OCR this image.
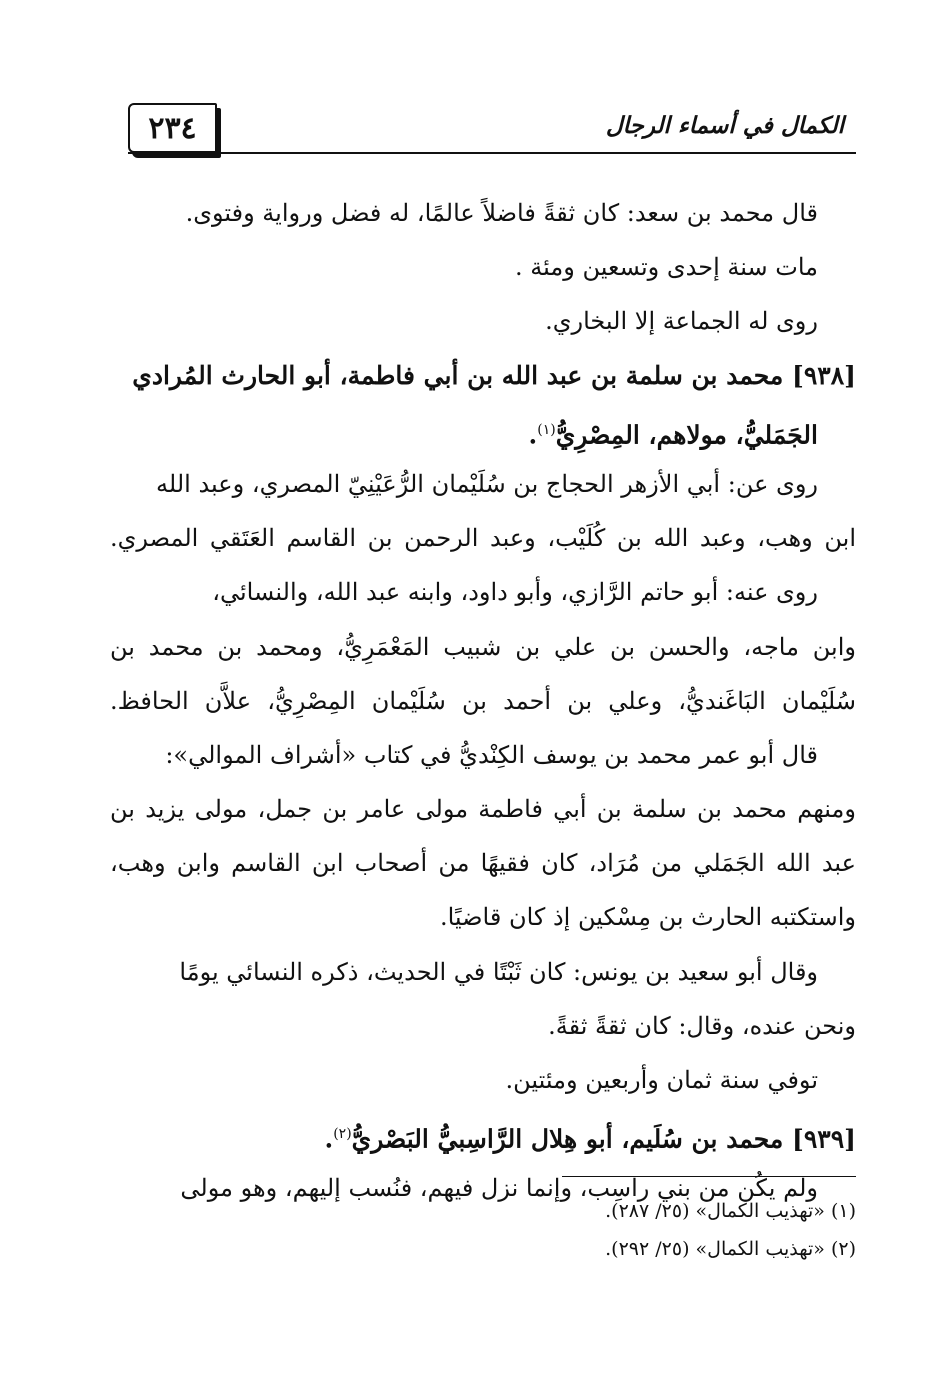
٢٣٤	الكمال في أسماء الرجال
قال محمد بن سعد: كان ثقةً فاضلاً عالمًا، له فضل ورواية وفتوى.
مات سنة إحدى وتسعين ومئة .
روى له الجماعة إلا البخاري.
[٩٣٨] محمد بن سلمة بن عبد الله بن أبي فاطمة، أبو الحارث المُرادي
الجَمَليُّ، مولاهم، المِصْرِيُّ$^{(١)}$.
روى عن: أبي الأزهر الحجاج بن سُلَيْمان الرُّعَيْنِيّ المصري، وعبد الله
ابن وهب، وعبد الله بن كُلَيْب، وعبد الرحمن بن القاسم العَتَقي المصري.
روى عنه: أبو حاتم الرَّازي، وأبو داود، وابنه عبد الله، والنسائي،
وابن ماجه، والحسن بن علي بن شبيب المَعْمَرِيُّ، ومحمد بن محمد بن
سُلَيْمان البَاغَنديُّ، وعلي بن أحمد بن سُلَيْمان المِصْرِيُّ، علاَّن الحافظ.
قال أبو عمر محمد بن يوسف الكِنْديُّ في كتاب «أشراف الموالي»:
ومنهم محمد بن سلمة بن أبي فاطمة مولى عامر بن جمل، مولى يزيد بن
عبد الله الجَمَلي من مُرَاد، كان فقيهًا من أصحاب ابن القاسم وابن وهب،
واستكتبه الحارث بن مِسْكين إذ كان قاضيًا.
وقال أبو سعيد بن يونس: كان ثَبْتًا في الحديث، ذكره النسائي يومًا
ونحن عنده، وقال: كان ثقةً ثقةً.
توفي سنة ثمان وأربعين ومئتين.
[٩٣٩] محمد بن سُلَيم، أبو هِلال الرَّاسِبيُّ البَصْريُّ$^{(٢)}$.
ولم يكُن من بني راسِب، وإنما نزل فيهم، فنُسب إليهم، وهو مولى
(١) «تهذيب الكمال» (٢٥/ ٢٨٧).
(٢) «تهذيب الكمال» (٢٥/ ٢٩٢).
